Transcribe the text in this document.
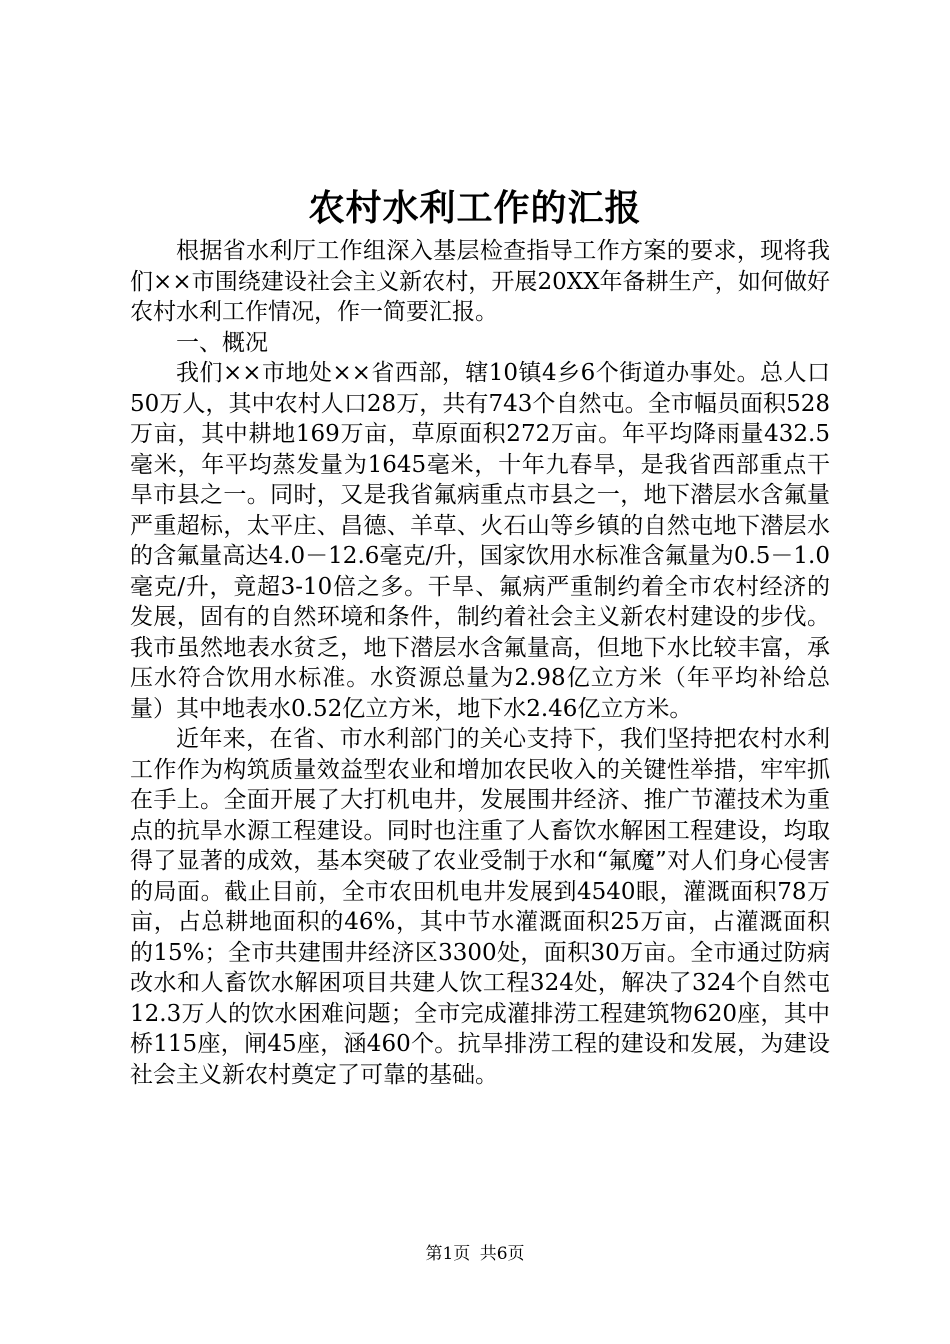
农村水利工作的汇报

根据省水利厅工作组深入基层检查指导工作方案的要求，现将我们××市围绕建设社会主义新农村，开展20XX年备耕生产，如何做好农村水利工作情况，作一简要汇报。

一、概况

我们××市地处××省西部，辖10镇4乡6个街道办事处。总人口50万人，其中农村人口28万，共有743个自然屯。全市幅员面积528万亩，其中耕地169万亩，草原面积272万亩。年平均降雨量432.5毫米，年平均蒸发量为1645毫米，十年九春旱，是我省西部重点干旱市县之一。同时，又是我省氟病重点市县之一，地下潜层水含氟量严重超标，太平庄、昌德、羊草、火石山等乡镇的自然屯地下潜层水的含氟量高达4.0－12.6毫克/升，国家饮用水标准含氟量为0.5－1.0毫克/升，竟超3-10倍之多。干旱、氟病严重制约着全市农村经济的发展，固有的自然环境和条件，制约着社会主义新农村建设的步伐。我市虽然地表水贫乏，地下潜层水含氟量高，但地下水比较丰富，承压水符合饮用水标准。水资源总量为2.98亿立方米（年平均补给总量）其中地表水0.52亿立方米，地下水2.46亿立方米。

近年来，在省、市水利部门的关心支持下，我们坚持把农村水利工作作为构筑质量效益型农业和增加农民收入的关键性举措，牢牢抓在手上。全面开展了大打机电井，发展围井经济、推广节灌技术为重点的抗旱水源工程建设。同时也注重了人畜饮水解困工程建设，均取得了显著的成效，基本突破了农业受制于水和“氟魔”对人们身心侵害的局面。截止目前，全市农田机电井发展到4540眼，灌溉面积78万亩，占总耕地面积的46%，其中节水灌溉面积25万亩，占灌溉面积的15%；全市共建围井经济区3300处，面积30万亩。全市通过防病改水和人畜饮水解困项目共建人饮工程324处，解决了324个自然屯12.3万人的饮水困难问题；全市完成灌排涝工程建筑物620座，其中桥115座，闸45座，涵460个。抗旱排涝工程的建设和发展，为建设社会主义新农村奠定了可靠的基础。

第1页 共6页
